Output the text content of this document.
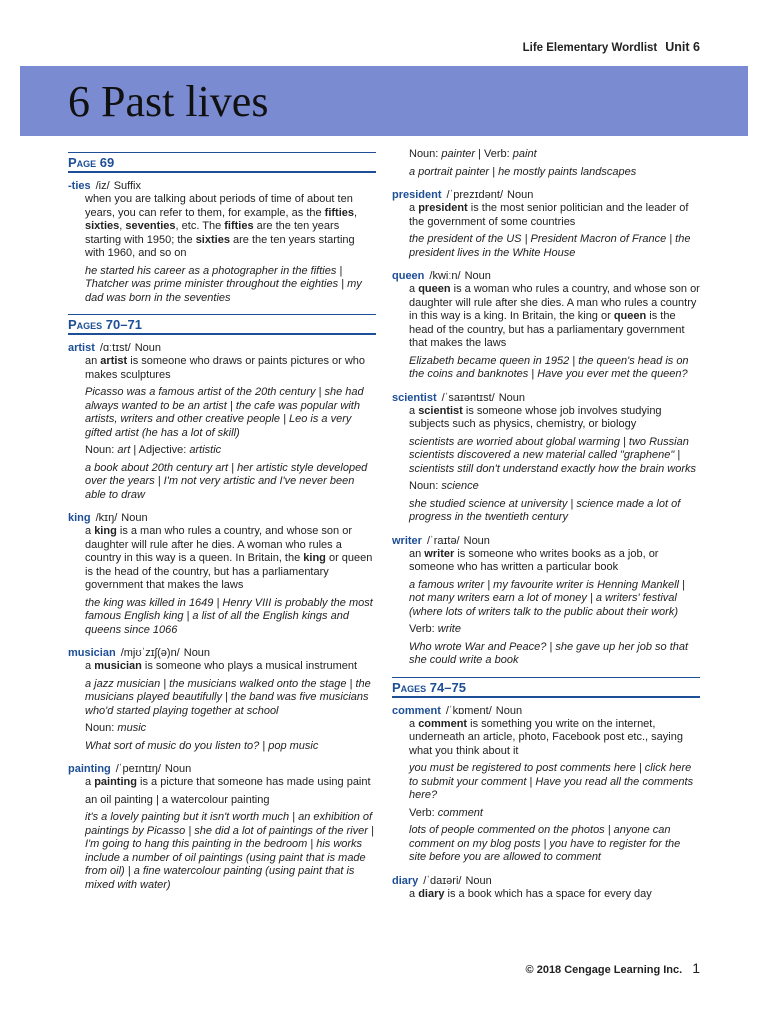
Life Elementary Wordlist Unit 6
6 Past lives
Page 69
-ties /iz/ Suffix

when you are talking about periods of time of about ten years, you can refer to them, for example, as the fifties, sixties, seventies, etc. The fifties are the ten years starting with 1950; the sixties are the ten years starting with 1960, and so on

he started his career as a photographer in the fifties | Thatcher was prime minister throughout the eighties | my dad was born in the seventies

Pages 70–71
artist /ɑːtɪst/ Noun

an artist is someone who draws or paints pictures or who makes sculptures

Picasso was a famous artist of the 20th century | she had always wanted to be an artist | the cafe was popular with artists, writers and other creative people | Leo is a very gifted artist (he has a lot of skill)

Noun: art | Adjective: artistic

a book about 20th century art | her artistic style developed over the years | I'm not very artistic and I've never been able to draw

king /kɪŋ/ Noun

a king is a man who rules a country, and whose son or daughter will rule after he dies. A woman who rules a country in this way is a queen. In Britain, the king or queen is the head of the country, but has a parliamentary government that makes the laws

the king was killed in 1649 | Henry VIII is probably the most famous English king | a list of all the English kings and queens since 1066

musician /mjʊˈzɪʃ(ə)n/ Noun

a musician is someone who plays a musical instrument

a jazz musician | the musicians walked onto the stage | the musicians played beautifully | the band was five musicians who'd started playing together at school

Noun: music

What sort of music do you listen to? | pop music

painting /ˈpeɪntɪŋ/ Noun

a painting is a picture that someone has made using paint

an oil painting | a watercolour painting

it's a lovely painting but it isn't worth much | an exhibition of paintings by Picasso | she did a lot of paintings of the river | I'm going to hang this painting in the bedroom | his works include a number of oil paintings (using paint that is made from oil) | a fine watercolour painting (using paint that is mixed with water)

Noun: painter | Verb: paint

a portrait painter | he mostly paints landscapes

president /ˈprezɪdənt/ Noun

a president is the most senior politician and the leader of the government of some countries

the president of the US | President Macron of France | the president lives in the White House

queen /kwiːn/ Noun

a queen is a woman who rules a country, and whose son or daughter will rule after she dies. A man who rules a country in this way is a king. In Britain, the king or queen is the head of the country, but has a parliamentary government that makes the laws

Elizabeth became queen in 1952 | the queen's head is on the coins and banknotes | Have you ever met the queen?

scientist /ˈsaɪəntɪst/ Noun

a scientist is someone whose job involves studying subjects such as physics, chemistry, or biology

scientists are worried about global warming | two Russian scientists discovered a new material called "graphene" | scientists still don't understand exactly how the brain works

Noun: science

she studied science at university | science made a lot of progress in the twentieth century

writer /ˈraɪtə/ Noun

an writer is someone who writes books as a job, or someone who has written a particular book

a famous writer | my favourite writer is Henning Mankell | not many writers earn a lot of money | a writers' festival (where lots of writers talk to the public about their work)

Verb: write

Who wrote War and Peace? | she gave up her job so that she could write a book

Pages 74–75
comment /ˈkɒment/ Noun

a comment is something you write on the internet, underneath an article, photo, Facebook post etc., saying what you think about it

you must be registered to post comments here | click here to submit your comment | Have you read all the comments here?

Verb: comment

lots of people commented on the photos | anyone can comment on my blog posts | you have to register for the site before you are allowed to comment

diary /ˈdaɪəri/ Noun

a diary is a book which has a space for every day

© 2018 Cengage Learning Inc. 1
